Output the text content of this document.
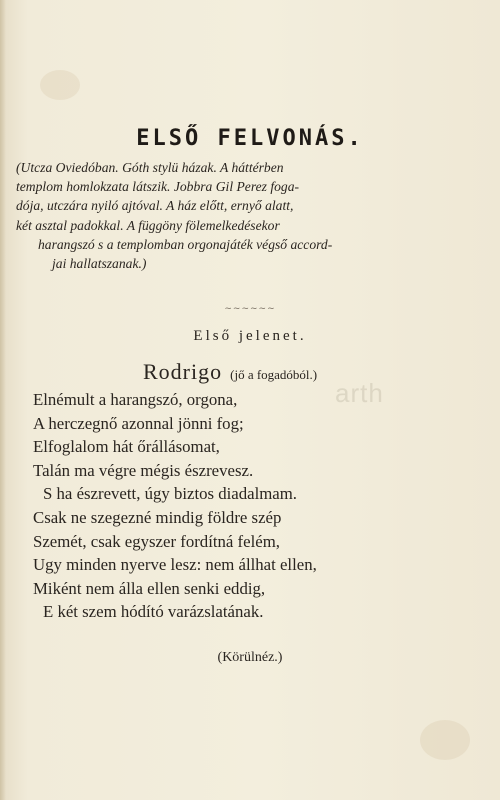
ELSŐ FELVONÁS.
(Utcza Oviedóban. Góth stylü házak. A háttérben
templom homlokzata látszik. Jobbra Gil Perez foga-
dója, utczára nyiló ajtóval. A ház előtt, ernyő alatt,
két asztal padokkal. A függöny fölemelkedésekor
harangszó s a templomban orgonajáték végső accord-
jai hallatszanak.)
~~~~~~
Első jelenet.
Rodrigo (jő a fogadóból.)
arth
Elnémult a harangszó, orgona,
A herczegnő azonnal jönni fog;
Elfoglalom hát őrállásomat,
Talán ma végre mégis észrevesz.
S ha észrevett, úgy biztos diadalmam.
Csak ne szegezné mindig földre szép
Szemét, csak egyszer fordítná felém,
Ugy minden nyerve lesz: nem állhat ellen,
Miként nem álla ellen senki eddig,
E két szem hódító varázslatának.
(Körülnéz.)
